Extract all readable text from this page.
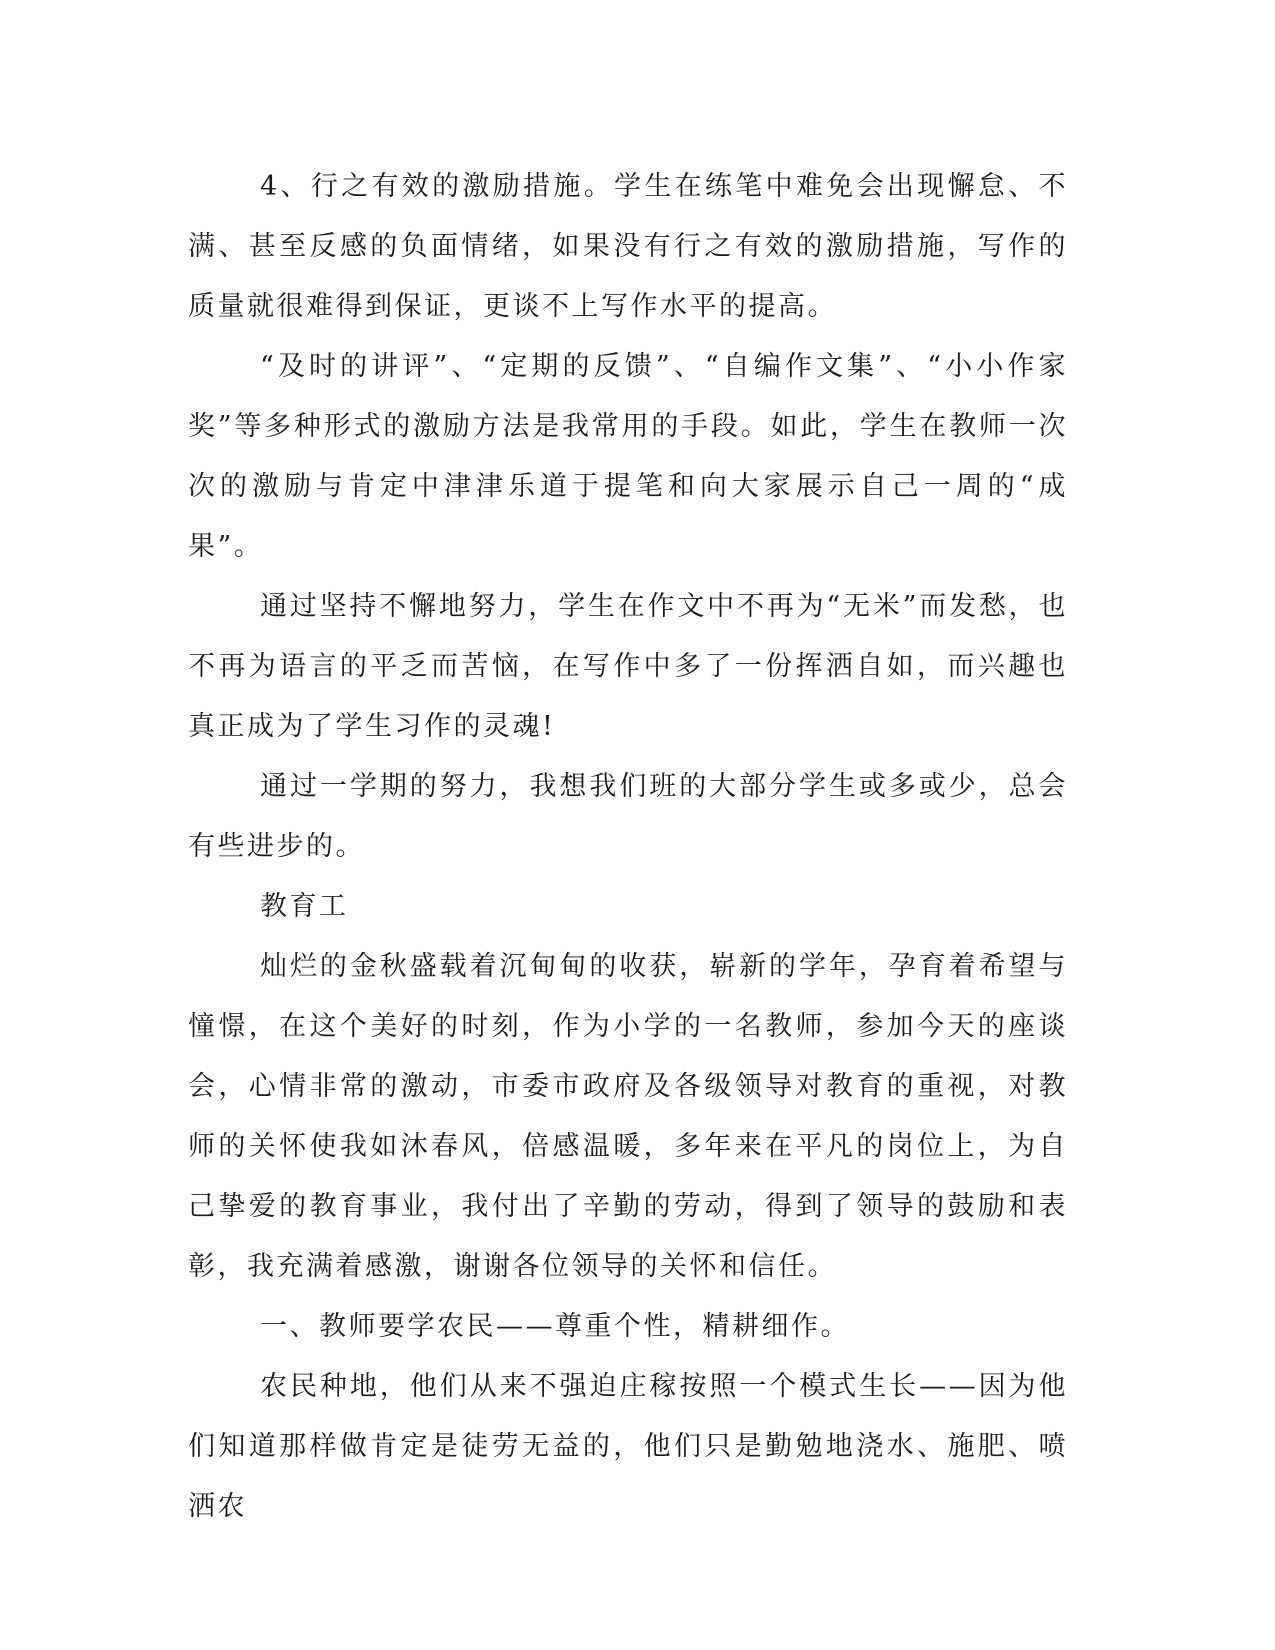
4、行之有效的激励措施。学生在练笔中难免会出现懈怠、不满、甚至反感的负面情绪，如果没有行之有效的激励措施，写作的质量就很难得到保证，更谈不上写作水平的提高。

“及时的讲评”、“定期的反馈”、“自编作文集”、“小小作家奖”等多种形式的激励方法是我常用的手段。如此，学生在教师一次次的激励与肯定中津津乐道于提笔和向大家展示自己一周的“成果”。

通过坚持不懈地努力，学生在作文中不再为“无米”而发愁，也不再为语言的平乏而苦恼，在写作中多了一份挥洒自如，而兴趣也真正成为了学生习作的灵魂!

通过一学期的努力，我想我们班的大部分学生或多或少，总会有些进步的。

教育工

灿烂的金秋盛载着沉甸甸的收获，崭新的学年，孕育着希望与憧憬，在这个美好的时刻，作为小学的一名教师，参加今天的座谈会，心情非常的激动，市委市政府及各级领导对教育的重视，对教师的关怀使我如沐春风，倍感温暖，多年来在平凡的岗位上，为自己挚爱的教育事业，我付出了辛勤的劳动，得到了领导的鼓励和表彰，我充满着感激，谢谢各位领导的关怀和信任。

一、教师要学农民——尊重个性，精耕细作。

农民种地，他们从来不强迫庄稼按照一个模式生长——因为他们知道那样做肯定是徒劳无益的，他们只是勤勉地浇水、施肥、喷洒农
